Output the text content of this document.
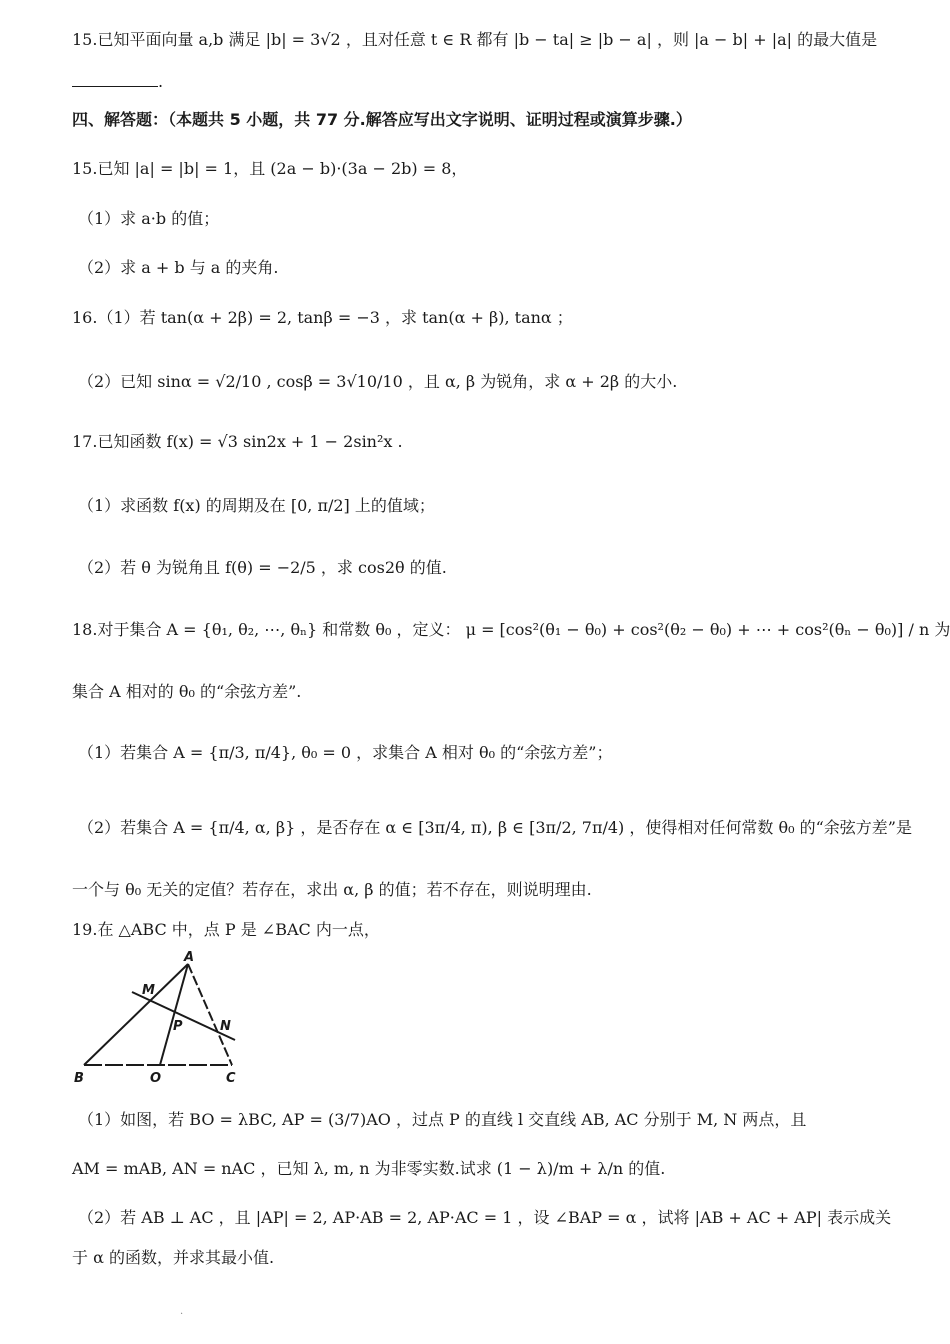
15.已知平面向量 a,b 满足 |b| = 3√2 ，且对任意 t ∈ R 都有 |b − ta| ≥ |b − a| ，则 |a − b| + |a| 的最大值是
.
四、解答题：（本题共 5 小题，共 77 分.解答应写出文字说明、证明过程或演算步骤.）
15.已知 |a| = |b| = 1，且 (2a − b)·(3a − 2b) = 8，
（1）求 a·b 的值；
（2）求 a + b 与 a 的夹角.
16.（1）若 tan(α + 2β) = 2, tanβ = −3 ，求 tan(α + β), tanα ；
（2）已知 sinα = √2/10 , cosβ = 3√10/10 ，且 α, β 为锐角，求 α + 2β 的大小.
17.已知函数 f(x) = √3 sin2x + 1 − 2sin²x .
（1）求函数 f(x) 的周期及在 [0, π/2] 上的值域；
（2）若 θ 为锐角且 f(θ) = −2/5 ，求 cos2θ 的值.
18.对于集合 A = {θ₁, θ₂, ⋯, θₙ} 和常数 θ₀ ，定义： μ = [cos²(θ₁ − θ₀) + cos²(θ₂ − θ₀) + ⋯ + cos²(θₙ − θ₀)] / n 为
集合 A 相对的 θ₀ 的“余弦方差”.
（1）若集合 A = {π/3, π/4}, θ₀ = 0 ，求集合 A 相对 θ₀ 的“余弦方差”；
（2）若集合 A = {π/4, α, β} ，是否存在 α ∈ [3π/4, π), β ∈ [3π/2, 7π/4) ，使得相对任何常数 θ₀ 的“余弦方差”是
一个与 θ₀ 无关的定值？若存在，求出 α, β 的值；若不存在，则说明理由.
19.在 △ABC 中，点 P 是 ∠BAC 内一点，
A
M
P	N
B	O	C
（1）如图，若 BO = λBC, AP = (3/7)AO ，过点 P 的直线 l 交直线 AB, AC 分别于 M, N 两点，且
AM = mAB, AN = nAC ，已知 λ, m, n 为非零实数.试求 (1 − λ)/m + λ/n 的值.
（2）若 AB ⊥ AC ，且 |AP| = 2, AP·AB = 2, AP·AC = 1 ，设 ∠BAP = α ，试将 |AB + AC + AP| 表示成关
于 α 的函数，并求其最小值.
.
